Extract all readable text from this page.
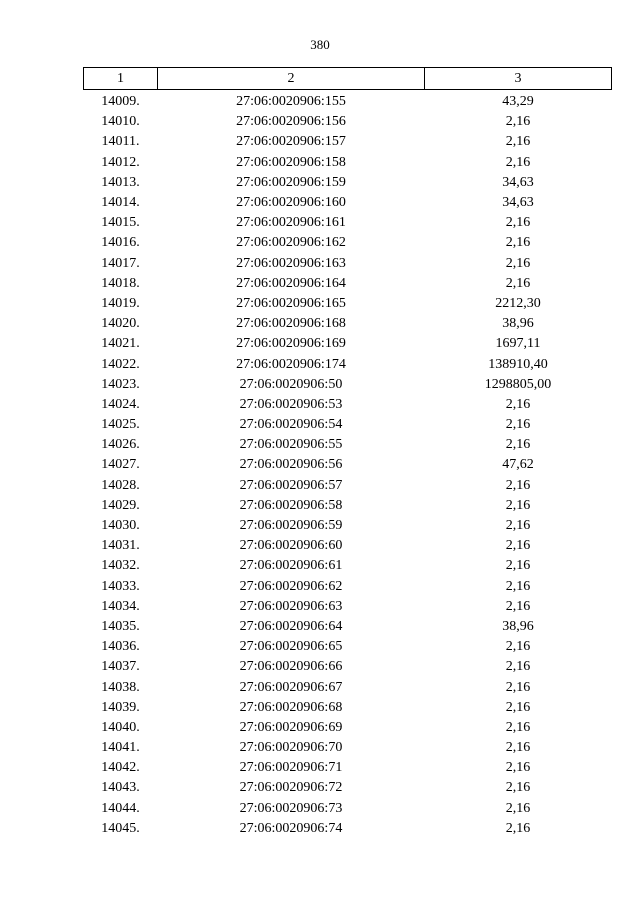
380
1	2	3
14009.	27:06:0020906:155	43,29
14010.	27:06:0020906:156	2,16
14011.	27:06:0020906:157	2,16
14012.	27:06:0020906:158	2,16
14013.	27:06:0020906:159	34,63
14014.	27:06:0020906:160	34,63
14015.	27:06:0020906:161	2,16
14016.	27:06:0020906:162	2,16
14017.	27:06:0020906:163	2,16
14018.	27:06:0020906:164	2,16
14019.	27:06:0020906:165	2212,30
14020.	27:06:0020906:168	38,96
14021.	27:06:0020906:169	1697,11
14022.	27:06:0020906:174	138910,40
14023.	27:06:0020906:50	1298805,00
14024.	27:06:0020906:53	2,16
14025.	27:06:0020906:54	2,16
14026.	27:06:0020906:55	2,16
14027.	27:06:0020906:56	47,62
14028.	27:06:0020906:57	2,16
14029.	27:06:0020906:58	2,16
14030.	27:06:0020906:59	2,16
14031.	27:06:0020906:60	2,16
14032.	27:06:0020906:61	2,16
14033.	27:06:0020906:62	2,16
14034.	27:06:0020906:63	2,16
14035.	27:06:0020906:64	38,96
14036.	27:06:0020906:65	2,16
14037.	27:06:0020906:66	2,16
14038.	27:06:0020906:67	2,16
14039.	27:06:0020906:68	2,16
14040.	27:06:0020906:69	2,16
14041.	27:06:0020906:70	2,16
14042.	27:06:0020906:71	2,16
14043.	27:06:0020906:72	2,16
14044.	27:06:0020906:73	2,16
14045.	27:06:0020906:74	2,16
